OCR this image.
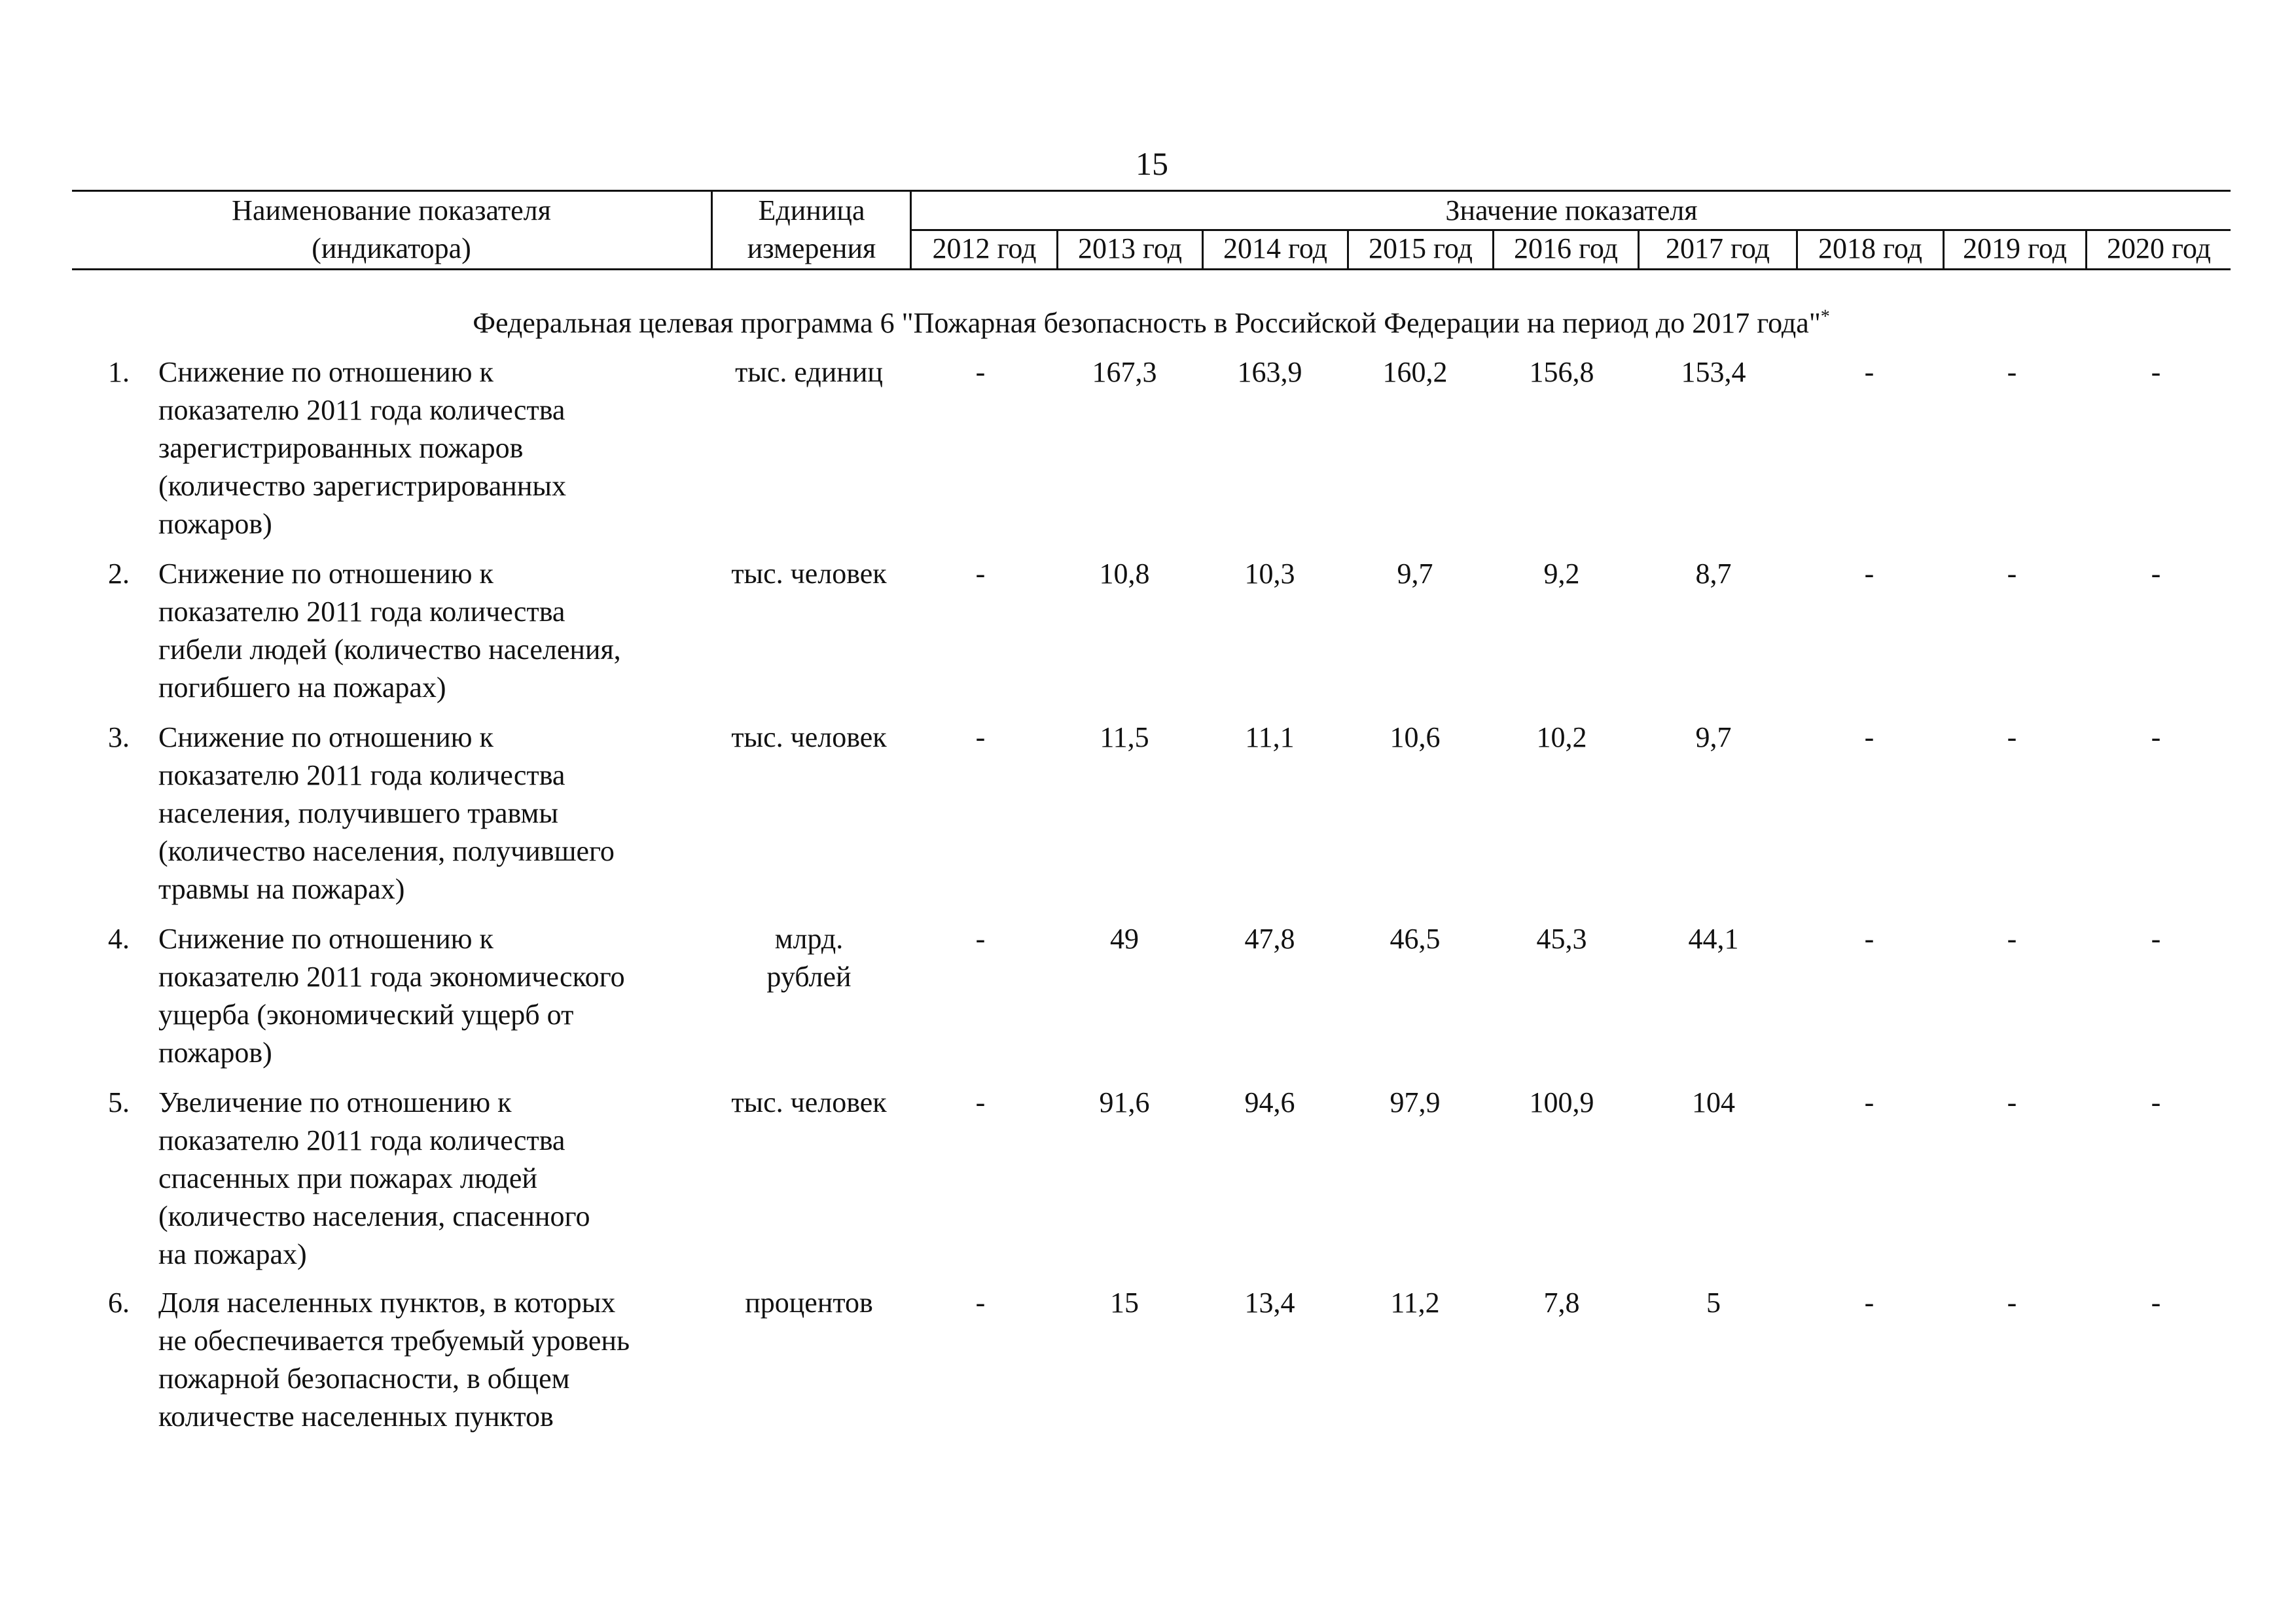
15
Наименование показателя
(индикатора)
Единица
измерения
Значение показателя
2012 год	2013 год	2014 год	2015 год	2016 год	2017 год	2018 год	2019 год	2020 год
Федеральная целевая программа 6 "Пожарная безопасность в Российской Федерации на период до 2017 года"*
1. Снижение по отношению к
показателю 2011 года количества
зарегистрированных пожаров
(количество зарегистрированных
пожаров)
тыс. единиц	-	167,3	163,9	160,2	156,8	153,4	-	-	-
2. Снижение по отношению к
показателю 2011 года количества
гибели людей (количество населения,
погибшего на пожарах)
тыс. человек	-	10,8	10,3	9,7	9,2	8,7	-	-	-
3. Снижение по отношению к
показателю 2011 года количества
населения, получившего травмы
(количество населения, получившего
травмы на пожарах)
тыс. человек	-	11,5	11,1	10,6	10,2	9,7	-	-	-
4. Снижение по отношению к
показателю 2011 года экономического
ущерба (экономический ущерб от
пожаров)
млрд.
рублей
-	49	47,8	46,5	45,3	44,1	-	-	-
5. Увеличение по отношению к
показателю 2011 года количества
спасенных при пожарах людей
(количество населения, спасенного
на пожарах)
тыс. человек	-	91,6	94,6	97,9	100,9	104	-	-	-
6. Доля населенных пунктов, в которых
не обеспечивается требуемый уровень
пожарной безопасности, в общем
количестве населенных пунктов
процентов	-	15	13,4	11,2	7,8	5	-	-	-
